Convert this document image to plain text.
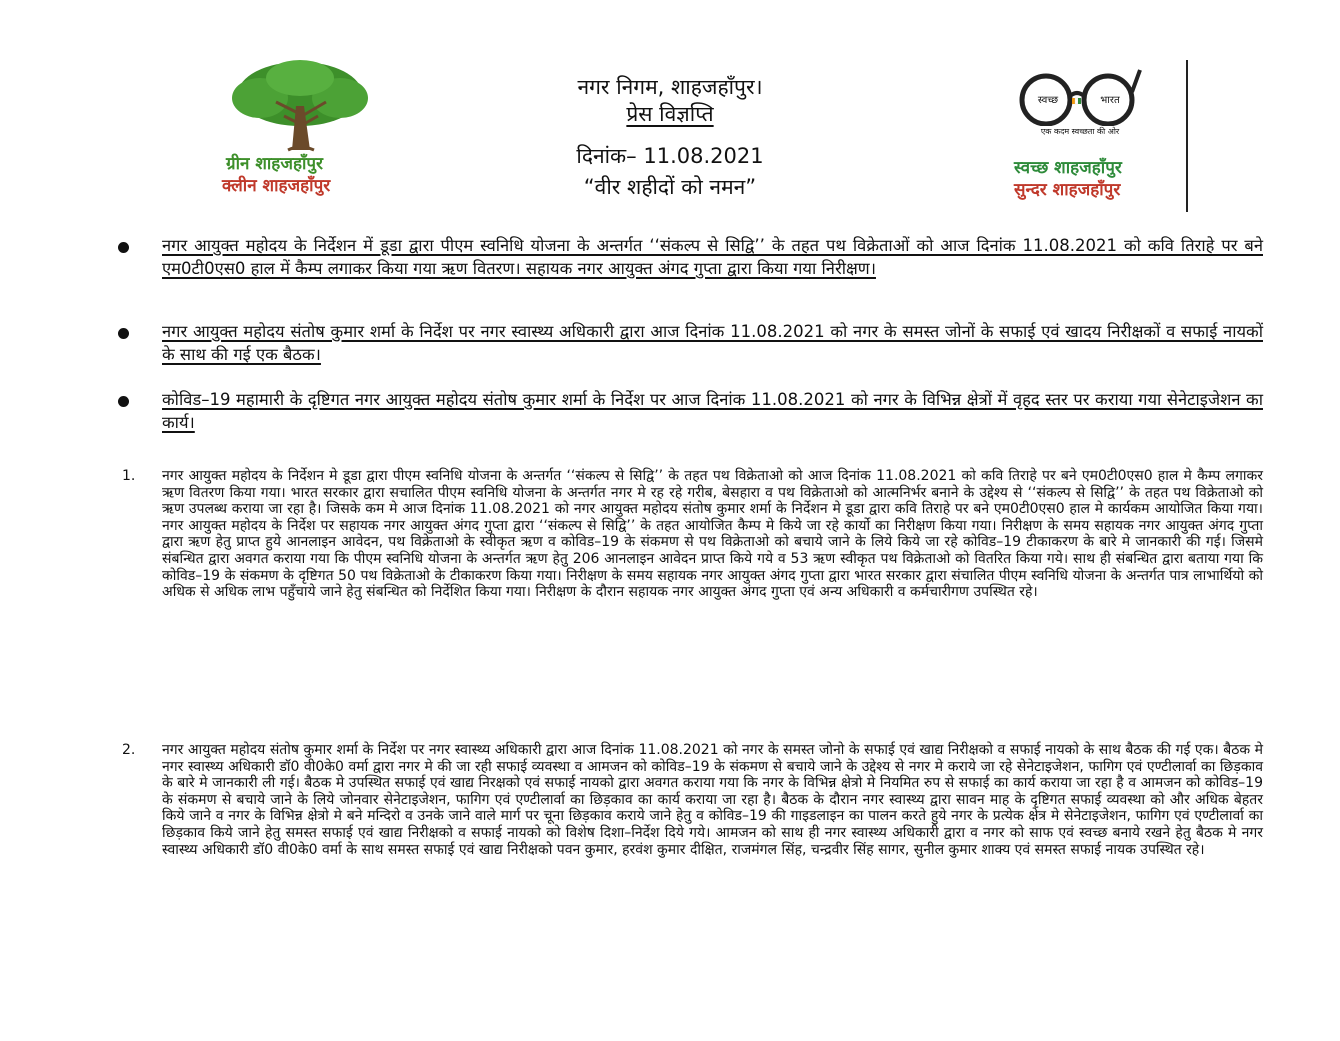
ग्रीन शाहजहाँपुर
क्लीन शाहजहाँपुर
नगर निगम, शाहजहाँपुर।
प्रेस विज्ञप्ति
दिनांक– 11.08.2021
“वीर शहीदों को नमन”
स्वच्छ	भारत
एक कदम स्वच्छता की ओर
स्वच्छ शाहजहाँपुर
सुन्दर शाहजहाँपुर
नगर आयुक्त महोदय के निर्देशन में डूडा द्वारा पीएम स्वनिधि योजना के अन्तर्गत ‘‘संकल्प से सिद्वि’’ के तहत पथ विक्रेताओं को आज दिनांक 11.08.2021 को कवि तिराहे पर बने एम0टी0एस0 हाल में कैम्प लगाकर किया गया ऋण वितरण। सहायक नगर आयुक्त अंगद गुप्ता द्वारा किया गया निरीक्षण।
नगर आयुक्त महोदय संतोष कुमार शर्मा के निर्देश पर नगर स्वास्थ्य अधिकारी द्वारा आज दिनांक 11.08.2021 को नगर के समस्त जोनों के सफाई एवं खादय निरीक्षकों व सफाई नायकों के साथ की गई एक बैठक।
कोविड–19 महामारी के दृष्टिगत नगर आयुक्त महोदय संतोष कुमार शर्मा के निर्देश पर आज दिनांक 11.08.2021 को नगर के विभिन्न क्षेत्रों में वृहद स्तर पर कराया गया सेनेटाइजेशन का कार्य।
1. नगर आयुक्त महोदय के निर्देशन मे डूडा द्वारा पीएम स्वनिधि योजना के अन्तर्गत ‘‘संकल्प से सिद्वि’’ के तहत पथ विक्रेताओ को आज दिनांक 11.08.2021 को कवि तिराहे पर बने एम0टी0एस0 हाल मे कैम्प लगाकर ऋण वितरण किया गया। भारत सरकार द्वारा सचालित पीएम स्वनिधि योजना के अन्तर्गत नगर मे रह रहे गरीब, बेसहारा व पथ विक्रेताओ को आत्मनिर्भर बनाने के उद्देश्य से ‘‘संकल्प से सिद्वि’’ के तहत पथ विक्रेताओ को ऋण उपलब्ध कराया जा रहा है। जिसके कम मे आज दिनांक 11.08.2021 को नगर आयुक्त महोदय संतोष कुमार शर्मा के निर्देशन मे डूडा द्वारा कवि तिराहे पर बने एम0टी0एस0 हाल मे कार्यकम आयोजित किया गया। नगर आयुक्त महोदय के निर्देश पर सहायक नगर आयुक्त अंगद गुप्ता द्वारा ‘‘संकल्प से सिद्वि’’ के तहत आयोजित कैम्प मे किये जा रहे कार्यो का निरीक्षण किया गया। निरीक्षण के समय सहायक नगर आयुक्त अंगद गुप्ता द्वारा ऋण हेतु प्राप्त हुये आनलाइन आवेदन, पथ विक्रेताओ के स्वीकृत ऋण व कोविड–19 के संकमण से पथ विक्रेताओ को बचाये जाने के लिये किये जा रहे कोविड–19 टीकाकरण के बारे मे जानकारी की गई। जिसमे संबन्धित द्वारा अवगत कराया गया कि पीएम स्वनिधि योजना के अन्तर्गत ऋण हेतु 206 आनलाइन आवेदन प्राप्त किये गये व 53 ऋण स्वीकृत पथ विक्रेताओ को वितरित किया गये। साथ ही संबन्धित द्वारा बताया गया कि कोविड–19 के संकमण के दृष्टिगत 50 पथ विक्रेताओ के टीकाकरण किया गया। निरीक्षण के समय सहायक नगर आयुक्त अंगद गुप्ता द्वारा भारत सरकार द्वारा संचालित पीएम स्वनिधि योजना के अन्तर्गत पात्र लाभार्थियो को अधिक से अधिक लाभ पहुँचाये जाने हेतु संबन्धित को निर्देशित किया गया। निरीक्षण के दौरान सहायक नगर आयुक्त अंगद गुप्ता एवं अन्य अधिकारी व कर्मचारीगण उपस्थित रहे।
2. नगर आयुक्त महोदय संतोष कुमार शर्मा के निर्देश पर नगर स्वास्थ्य अधिकारी द्वारा आज दिनांक 11.08.2021 को नगर के समस्त जोनो के सफाई एवं खाद्य निरीक्षको व सफाई नायको के साथ बैठक की गई एक। बैठक मे नगर स्वास्थ्य अधिकारी डॉ0 वी0के0 वर्मा द्वारा नगर मे की जा रही सफाई व्यवस्था व आमजन को कोविड–19 के संकमण से बचाये जाने के उद्देश्य से नगर मे कराये जा रहे सेनेटाइजेशन, फागिग एवं एण्टीलार्वा का छिड़काव के बारे मे जानकारी ली गई। बैठक मे उपस्थित सफाई एवं खाद्य निरक्षको एवं सफाई नायको द्वारा अवगत कराया गया कि नगर के विभिन्न क्षेत्रो मे नियमित रुप से सफाई का कार्य कराया जा रहा है व आमजन को कोविड–19 के संकमण से बचाये जाने के लिये जोनवार सेनेटाइजेशन, फागिग एवं एण्टीलार्वा का छिड़काव का कार्य कराया जा रहा है। बैठक के दौरान नगर स्वास्थ्य द्वारा सावन माह के दृष्टिगत सफाई व्यवस्था को और अधिक बेहतर किये जाने व नगर के विभिन्न क्षेत्रो मे बने मन्दिरो व उनके जाने वाले मार्ग पर चूना छिड़काव कराये जाने हेतु व कोविड–19 की गाइडलाइन का पालन करते हुये नगर के प्रत्येक क्षेत्र मे सेनेटाइजेशन, फागिग एवं एण्टीलार्वा का छिड़काव किये जाने हेतु समस्त सफाई एवं खाद्य निरीक्षको व सफाई नायको को विशेष दिशा–निर्देश दिये गये। आमजन को साथ ही नगर स्वास्थ्य अधिकारी द्वारा व नगर को साफ एवं स्वच्छ बनाये रखने हेतु बैठक मे नगर स्वास्थ्य अधिकारी डॉ0 वी0के0 वर्मा के साथ समस्त सफाई एवं खाद्य निरीक्षको पवन कुमार, हरवंश कुमार दीक्षित, राजमंगल सिंह, चन्द्रवीर सिंह सागर, सुनील कुमार शाक्य एवं समस्त सफाई नायक उपस्थित रहे।
